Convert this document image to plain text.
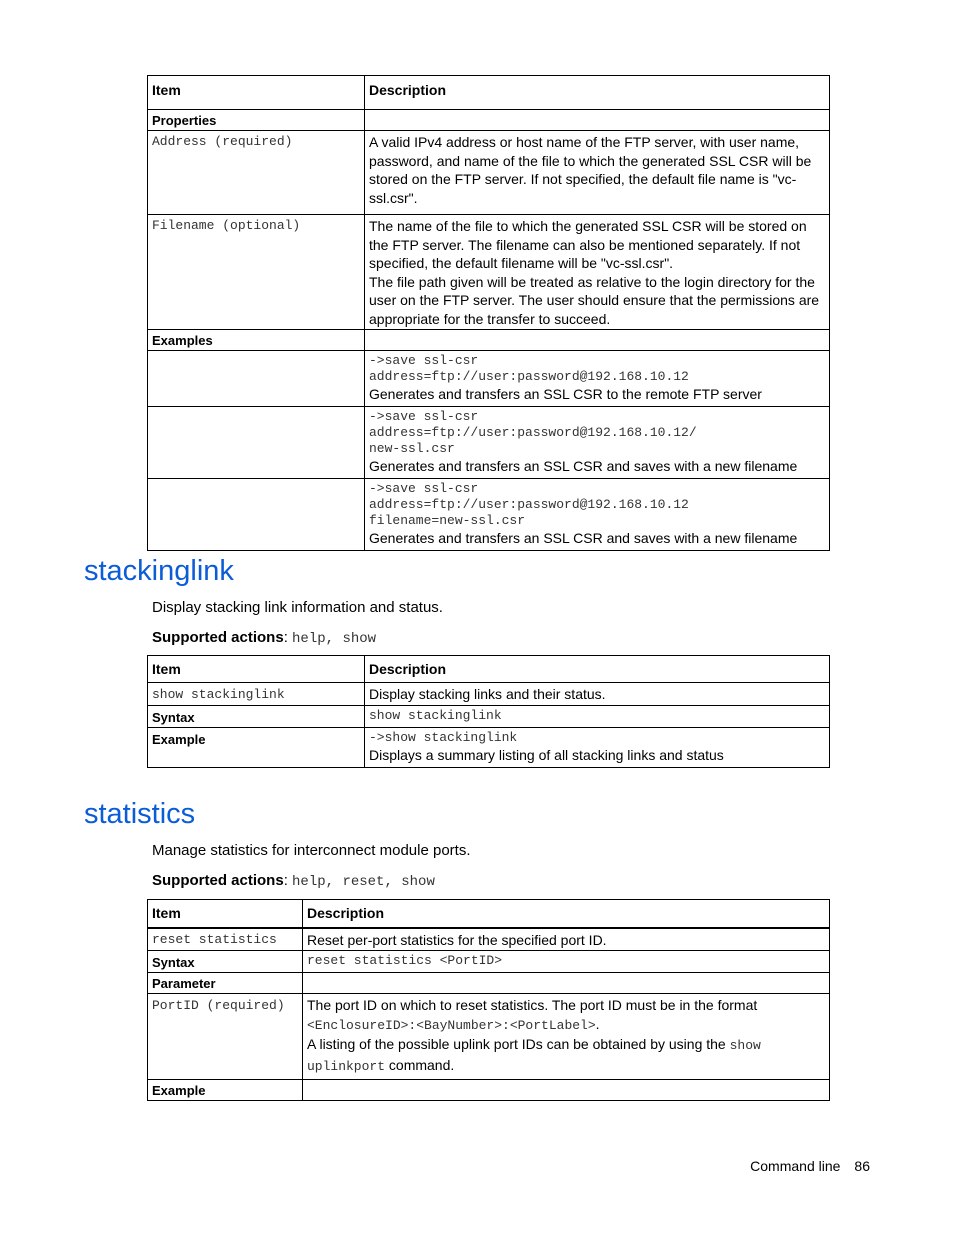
Item	Description
Properties	
Address (required)	A valid IPv4 address or host name of the FTP server, with user name, password, and name of the file to which the generated SSL CSR will be stored on the FTP server. If not specified, the default file name is "vc-ssl.csr".
Filename (optional)	The name of the file to which the generated SSL CSR will be stored on the FTP server. The filename can also be mentioned separately. If not specified, the default filename will be "vc-ssl.csr".
The file path given will be treated as relative to the login directory for the user on the FTP server. The user should ensure that the permissions are appropriate for the transfer to succeed.

Examples	

	->save ssl-csr
address=ftp://user:password@192.168.10.12
Generates and transfers an SSL CSR to the remote FTP server

	->save ssl-csr
address=ftp://user:password@192.168.10.12/
new-ssl.csr
Generates and transfers an SSL CSR and saves with a new filename

	->save ssl-csr
address=ftp://user:password@192.168.10.12
filename=new-ssl.csr
Generates and transfers an SSL CSR and saves with a new filename
stackinglink

Display stacking link information and status.

Supported actions: help, show

Item	Description
show stackinglink	Display stacking links and their status.
Syntax	show stackinglink
Example	->show stackinglink
Displays a summary listing of all stacking links and status
statistics

Manage statistics for interconnect module ports.

Supported actions: help, reset, show

Item	Description
reset statistics	Reset per-port statistics for the specified port ID.
Syntax	reset statistics <PortID>
Parameter	
PortID (required)	The port ID on which to reset statistics. The port ID must be in the format
<EnclosureID>:<BayNumber>:<PortLabel>.
A listing of the possible uplink port IDs can be obtained by using the show
uplinkport command.

Example	
Command line 86
